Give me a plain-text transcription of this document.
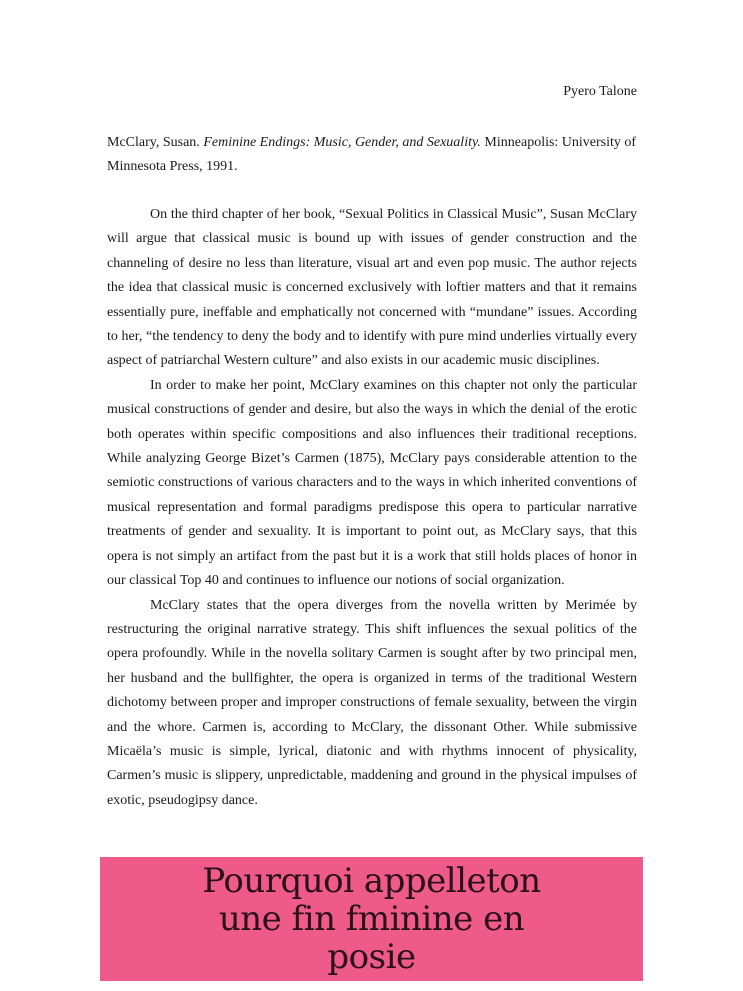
Pyero Talone

McClary, Susan. Feminine Endings: Music, Gender, and Sexuality. Minneapolis: University of Minnesota Press, 1991.

On the third chapter of her book, “Sexual Politics in Classical Music”, Susan McClary will argue that classical music is bound up with issues of gender construction and the channeling of desire no less than literature, visual art and even pop music. The author rejects the idea that classical music is concerned exclusively with loftier matters and that it remains essentially pure, ineffable and emphatically not concerned with “mundane” issues. According to her, “the tendency to deny the body and to identify with pure mind underlies virtually every aspect of patriarchal Western culture” and also exists in our academic music disciplines.

In order to make her point, McClary examines on this chapter not only the particular musical constructions of gender and desire, but also the ways in which the denial of the erotic both operates within specific compositions and also influences their traditional receptions. While analyzing George Bizet’s Carmen (1875), McClary pays considerable attention to the semiotic constructions of various characters and to the ways in which inherited conventions of musical representation and formal paradigms predispose this opera to particular narrative treatments of gender and sexuality. It is important to point out, as McClary says, that this opera is not simply an artifact from the past but it is a work that still holds places of honor in our classical Top 40 and continues to influence our notions of social organization.

McClary states that the opera diverges from the novella written by Merimée by restructuring the original narrative strategy. This shift influences the sexual politics of the opera profoundly. While in the novella solitary Carmen is sought after by two principal men, her husband and the bullfighter, the opera is organized in terms of the traditional Western dichotomy between proper and improper constructions of female sexuality, between the virgin and the whore. Carmen is, according to McClary, the dissonant Other. While submissive Micaëla’s music is simple, lyrical, diatonic and with rhythms innocent of physicality, Carmen’s music is slippery, unpredictable, maddening and ground in the physical impulses of exotic, pseudogipsy dance.

Pourquoi appelleton une fin fminine en posie
